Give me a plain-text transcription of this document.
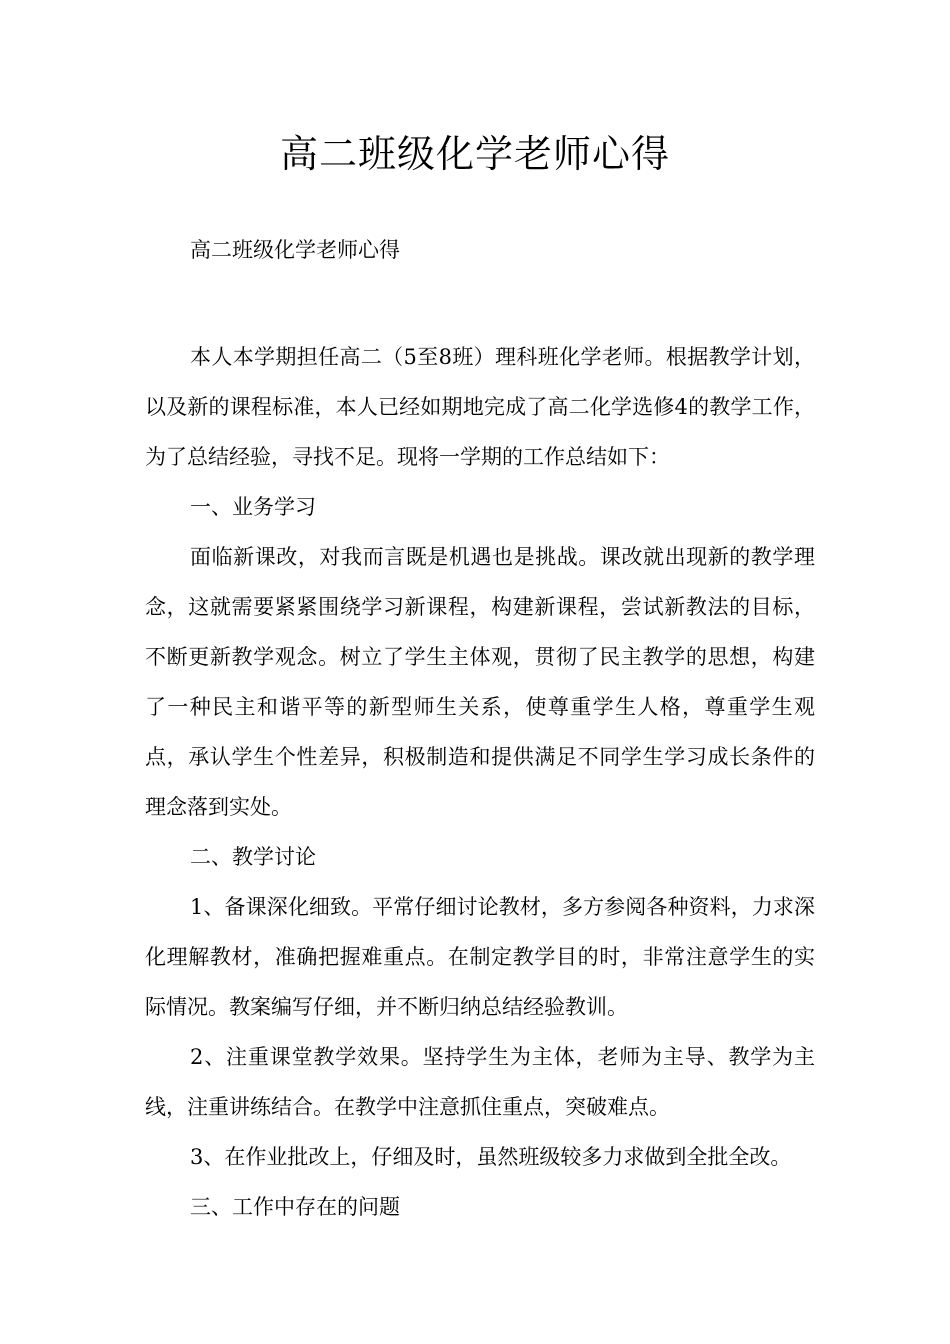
高二班级化学老师心得
高二班级化学老师心得

本人本学期担任高二（5至8班）理科班化学老师。根据教学计划，以及新的课程标准，本人已经如期地完成了高二化学选修4的教学工作，为了总结经验，寻找不足。现将一学期的工作总结如下：

一、业务学习

面临新课改，对我而言既是机遇也是挑战。课改就出现新的教学理念，这就需要紧紧围绕学习新课程，构建新课程，尝试新教法的目标，不断更新教学观念。树立了学生主体观，贯彻了民主教学的思想，构建了一种民主和谐平等的新型师生关系，使尊重学生人格，尊重学生观点，承认学生个性差异，积极制造和提供满足不同学生学习成长条件的理念落到实处。

二、教学讨论

1、备课深化细致。平常仔细讨论教材，多方参阅各种资料，力求深化理解教材，准确把握难重点。在制定教学目的时，非常注意学生的实际情况。教案编写仔细，并不断归纳总结经验教训。

2、注重课堂教学效果。坚持学生为主体，老师为主导、教学为主线，注重讲练结合。在教学中注意抓住重点，突破难点。

3、在作业批改上，仔细及时，虽然班级较多力求做到全批全改。

三、工作中存在的问题
